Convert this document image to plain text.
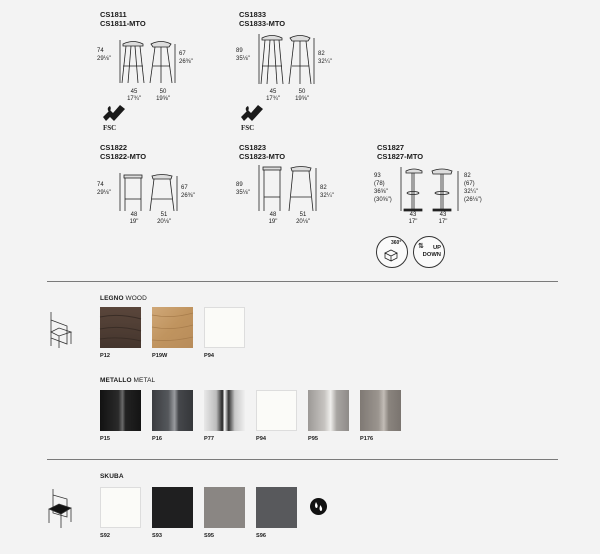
CS1811
CS1811-MTO
74
29⅛"
67
26⅜"
45
17¾"
50
19⅝"
CS1833
CS1833-MTO
89
35⅛"
82
32¼"
45
17¾"
50
19⅝"
FSC	FSC
CS1822
CS1822-MTO
74
29⅛"
67
26⅜"
48
19"
51
20⅛"
CS1823
CS1823-MTO
89
35⅛"
82
32¼"
48
19"
51
20⅛"
CS1827
CS1827-MTO
93
(78)
36⅝"
(30⅝")
82
(67)
32¼"
(26⅛")
43
17"
43
17"
360° ⇅	UP DOWN
LEGNO WOOD
P12	P19W	P94
METALLO METAL
P15	P16	P77	P94	P95	P176
SKUBA
S92	S93	S95	S96
